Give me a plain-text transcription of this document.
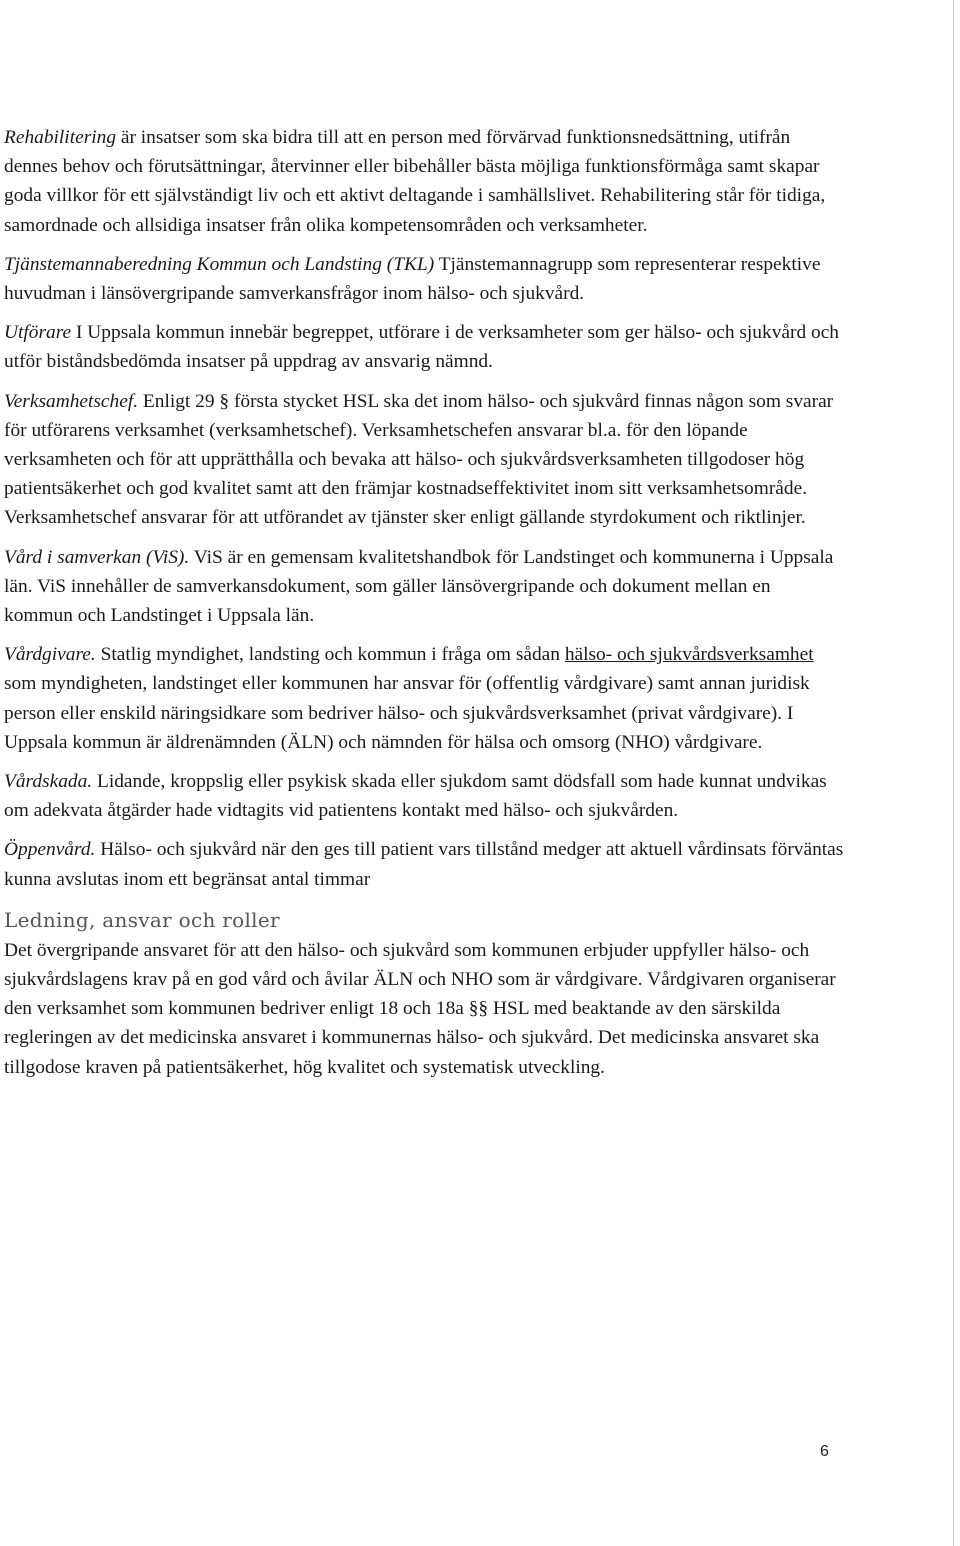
Rehabilitering är insatser som ska bidra till att en person med förvärvad funktionsnedsättning, utifrån dennes behov och förutsättningar, återvinner eller bibehåller bästa möjliga funktionsförmåga samt skapar goda villkor för ett självständigt liv och ett aktivt deltagande i samhällslivet. Rehabilitering står för tidiga, samordnade och allsidiga insatser från olika kompetensområden och verksamheter.

Tjänstemannaberedning Kommun och Landsting (TKL) Tjänstemannagrupp som representerar respektive huvudman i länsövergripande samverkansfrågor inom hälso- och sjukvård.

Utförare I Uppsala kommun innebär begreppet, utförare i de verksamheter som ger hälso- och sjukvård och utför biståndsbedömda insatser på uppdrag av ansvarig nämnd.

Verksamhetschef. Enligt 29 § första stycket HSL ska det inom hälso- och sjukvård finnas någon som svarar för utförarens verksamhet (verksamhetschef). Verksamhetschefen ansvarar bl.a. för den löpande verksamheten och för att upprätthålla och bevaka att hälso- och sjukvårdsverksamheten tillgodoser hög patientsäkerhet och god kvalitet samt att den främjar kostnadseffektivitet inom sitt verksamhetsområde. Verksamhetschef ansvarar för att utförandet av tjänster sker enligt gällande styrdokument och riktlinjer.

Vård i samverkan (ViS). ViS är en gemensam kvalitetshandbok för Landstinget och kommunerna i Uppsala län. ViS innehåller de samverkansdokument, som gäller länsövergripande och dokument mellan en kommun och Landstinget i Uppsala län.

Vårdgivare. Statlig myndighet, landsting och kommun i fråga om sådan hälso- och sjukvårdsverksamhet som myndigheten, landstinget eller kommunen har ansvar för (offentlig vårdgivare) samt annan juridisk person eller enskild näringsidkare som bedriver hälso- och sjukvårdsverksamhet (privat vårdgivare). I Uppsala kommun är äldrenämnden (ÄLN) och nämnden för hälsa och omsorg (NHO) vårdgivare.

Vårdskada. Lidande, kroppslig eller psykisk skada eller sjukdom samt dödsfall som hade kunnat undvikas om adekvata åtgärder hade vidtagits vid patientens kontakt med hälso- och sjukvården.

Öppenvård. Hälso- och sjukvård när den ges till patient vars tillstånd medger att aktuell vårdinsats förväntas kunna avslutas inom ett begränsat antal timmar

Ledning, ansvar och roller

Det övergripande ansvaret för att den hälso- och sjukvård som kommunen erbjuder uppfyller hälso- och sjukvårdslagens krav på en god vård och åvilar ÄLN och NHO som är vårdgivare. Vårdgivaren organiserar den verksamhet som kommunen bedriver enligt 18 och 18a §§ HSL med beaktande av den särskilda regleringen av det medicinska ansvaret i kommunernas hälso- och sjukvård. Det medicinska ansvaret ska tillgodose kraven på patientsäkerhet, hög kvalitet och systematisk utveckling.

6
